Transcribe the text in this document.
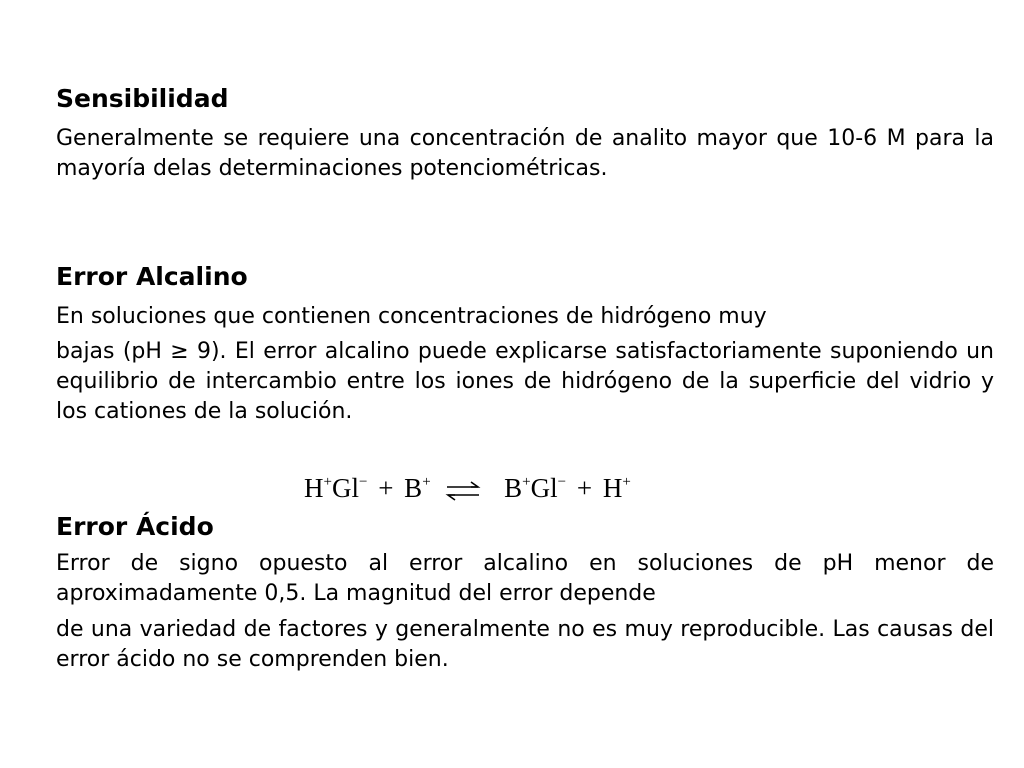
Sensibilidad

Generalmente se requiere una concentración de analito mayor que 10-6 M para la mayoría delas determinaciones potenciométricas.

Error Alcalino

En soluciones que contienen concentraciones de hidrógeno muy

bajas (pH ≥ 9). El error alcalino puede explicarse satisfactoriamente suponiendo un equilibrio de intercambio entre los iones de hidrógeno de la superficie del vidrio y los cationes de la solución.

H+Gl− + B+	B+Gl− + H+
Error Ácido

Error de signo opuesto al error alcalino en soluciones de pH menor de aproximadamente 0,5. La magnitud del error depende

de una variedad de factores y generalmente no es muy reproducible. Las causas del error ácido no se comprenden bien.
